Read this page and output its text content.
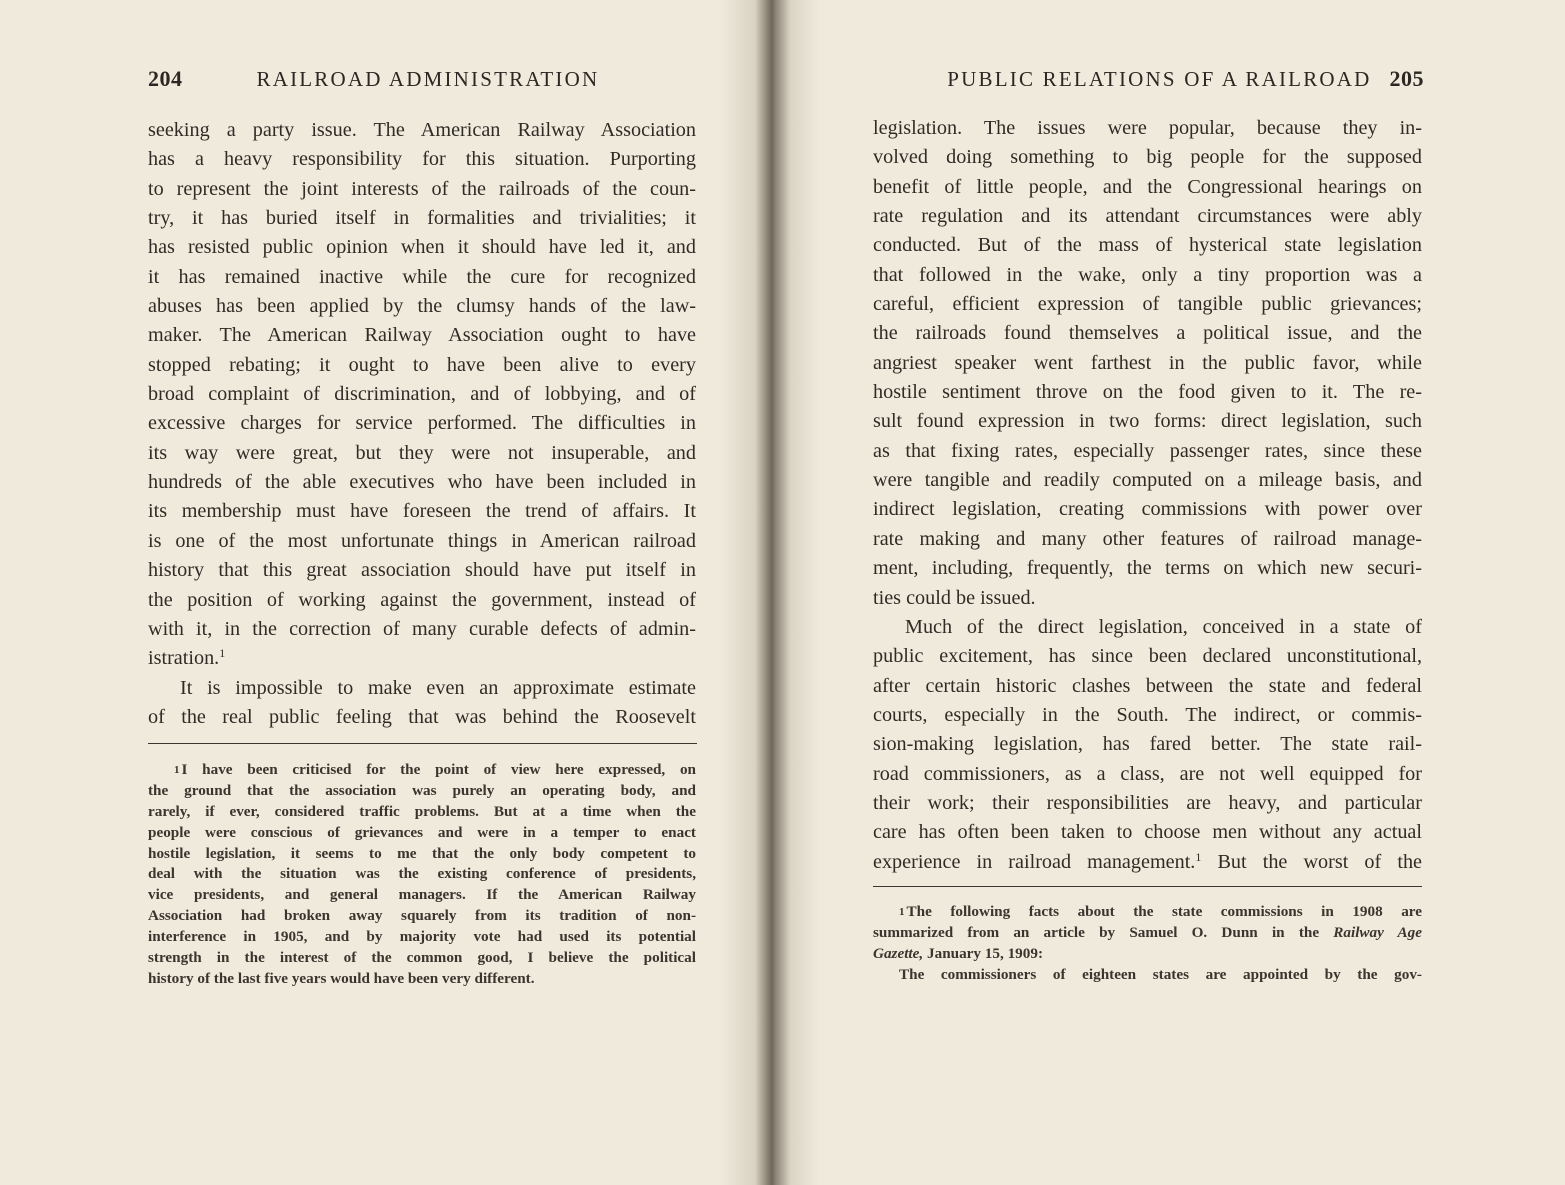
204	RAILROAD ADMINISTRATION
seeking a party issue. The American Railway Association
has a heavy responsibility for this situation. Purporting
to represent the joint interests of the railroads of the coun-
try, it has buried itself in formalities and trivialities; it
has resisted public opinion when it should have led it, and
it has remained inactive while the cure for recognized
abuses has been applied by the clumsy hands of the law-
maker. The American Railway Association ought to have
stopped rebating; it ought to have been alive to every
broad complaint of discrimination, and of lobbying, and of
excessive charges for service performed. The difficulties in
its way were great, but they were not insuperable, and
hundreds of the able executives who have been included in
its membership must have foreseen the trend of affairs. It
is one of the most unfortunate things in American railroad
history that this great association should have put itself in
the position of working against the government, instead of
with it, in the correction of many curable defects of admin-
istration.$^1$
It is impossible to make even an approximate estimate
of the real public feeling that was behind the Roosevelt
1 I have been criticised for the point of view here expressed, on
the ground that the association was purely an operating body, and
rarely, if ever, considered traffic problems. But at a time when the
people were conscious of grievances and were in a temper to enact
hostile legislation, it seems to me that the only body competent to
deal with the situation was the existing conference of presidents,
vice presidents, and general managers. If the American Railway
Association had broken away squarely from its tradition of non-
interference in 1905, and by majority vote had used its potential
strength in the interest of the common good, I believe the political
history of the last five years would have been very different.
PUBLIC RELATIONS OF A RAILROAD 205
legislation. The issues were popular, because they in-
volved doing something to big people for the supposed
benefit of little people, and the Congressional hearings on
rate regulation and its attendant circumstances were ably
conducted. But of the mass of hysterical state legislation
that followed in the wake, only a tiny proportion was a
careful, efficient expression of tangible public grievances;
the railroads found themselves a political issue, and the
angriest speaker went farthest in the public favor, while
hostile sentiment throve on the food given to it. The re-
sult found expression in two forms: direct legislation, such
as that fixing rates, especially passenger rates, since these
were tangible and readily computed on a mileage basis, and
indirect legislation, creating commissions with power over
rate making and many other features of railroad manage-
ment, including, frequently, the terms on which new securi-
ties could be issued.
Much of the direct legislation, conceived in a state of
public excitement, has since been declared unconstitutional,
after certain historic clashes between the state and federal
courts, especially in the South. The indirect, or commis-
sion-making legislation, has fared better. The state rail-
road commissioners, as a class, are not well equipped for
their work; their responsibilities are heavy, and particular
care has often been taken to choose men without any actual
experience in railroad management.$^1$ But the worst of the
1 The following facts about the state commissions in 1908 are
summarized from an article by Samuel O. Dunn in the Railway Age
Gazette, January 15, 1909:
The commissioners of eighteen states are appointed by the gov-
